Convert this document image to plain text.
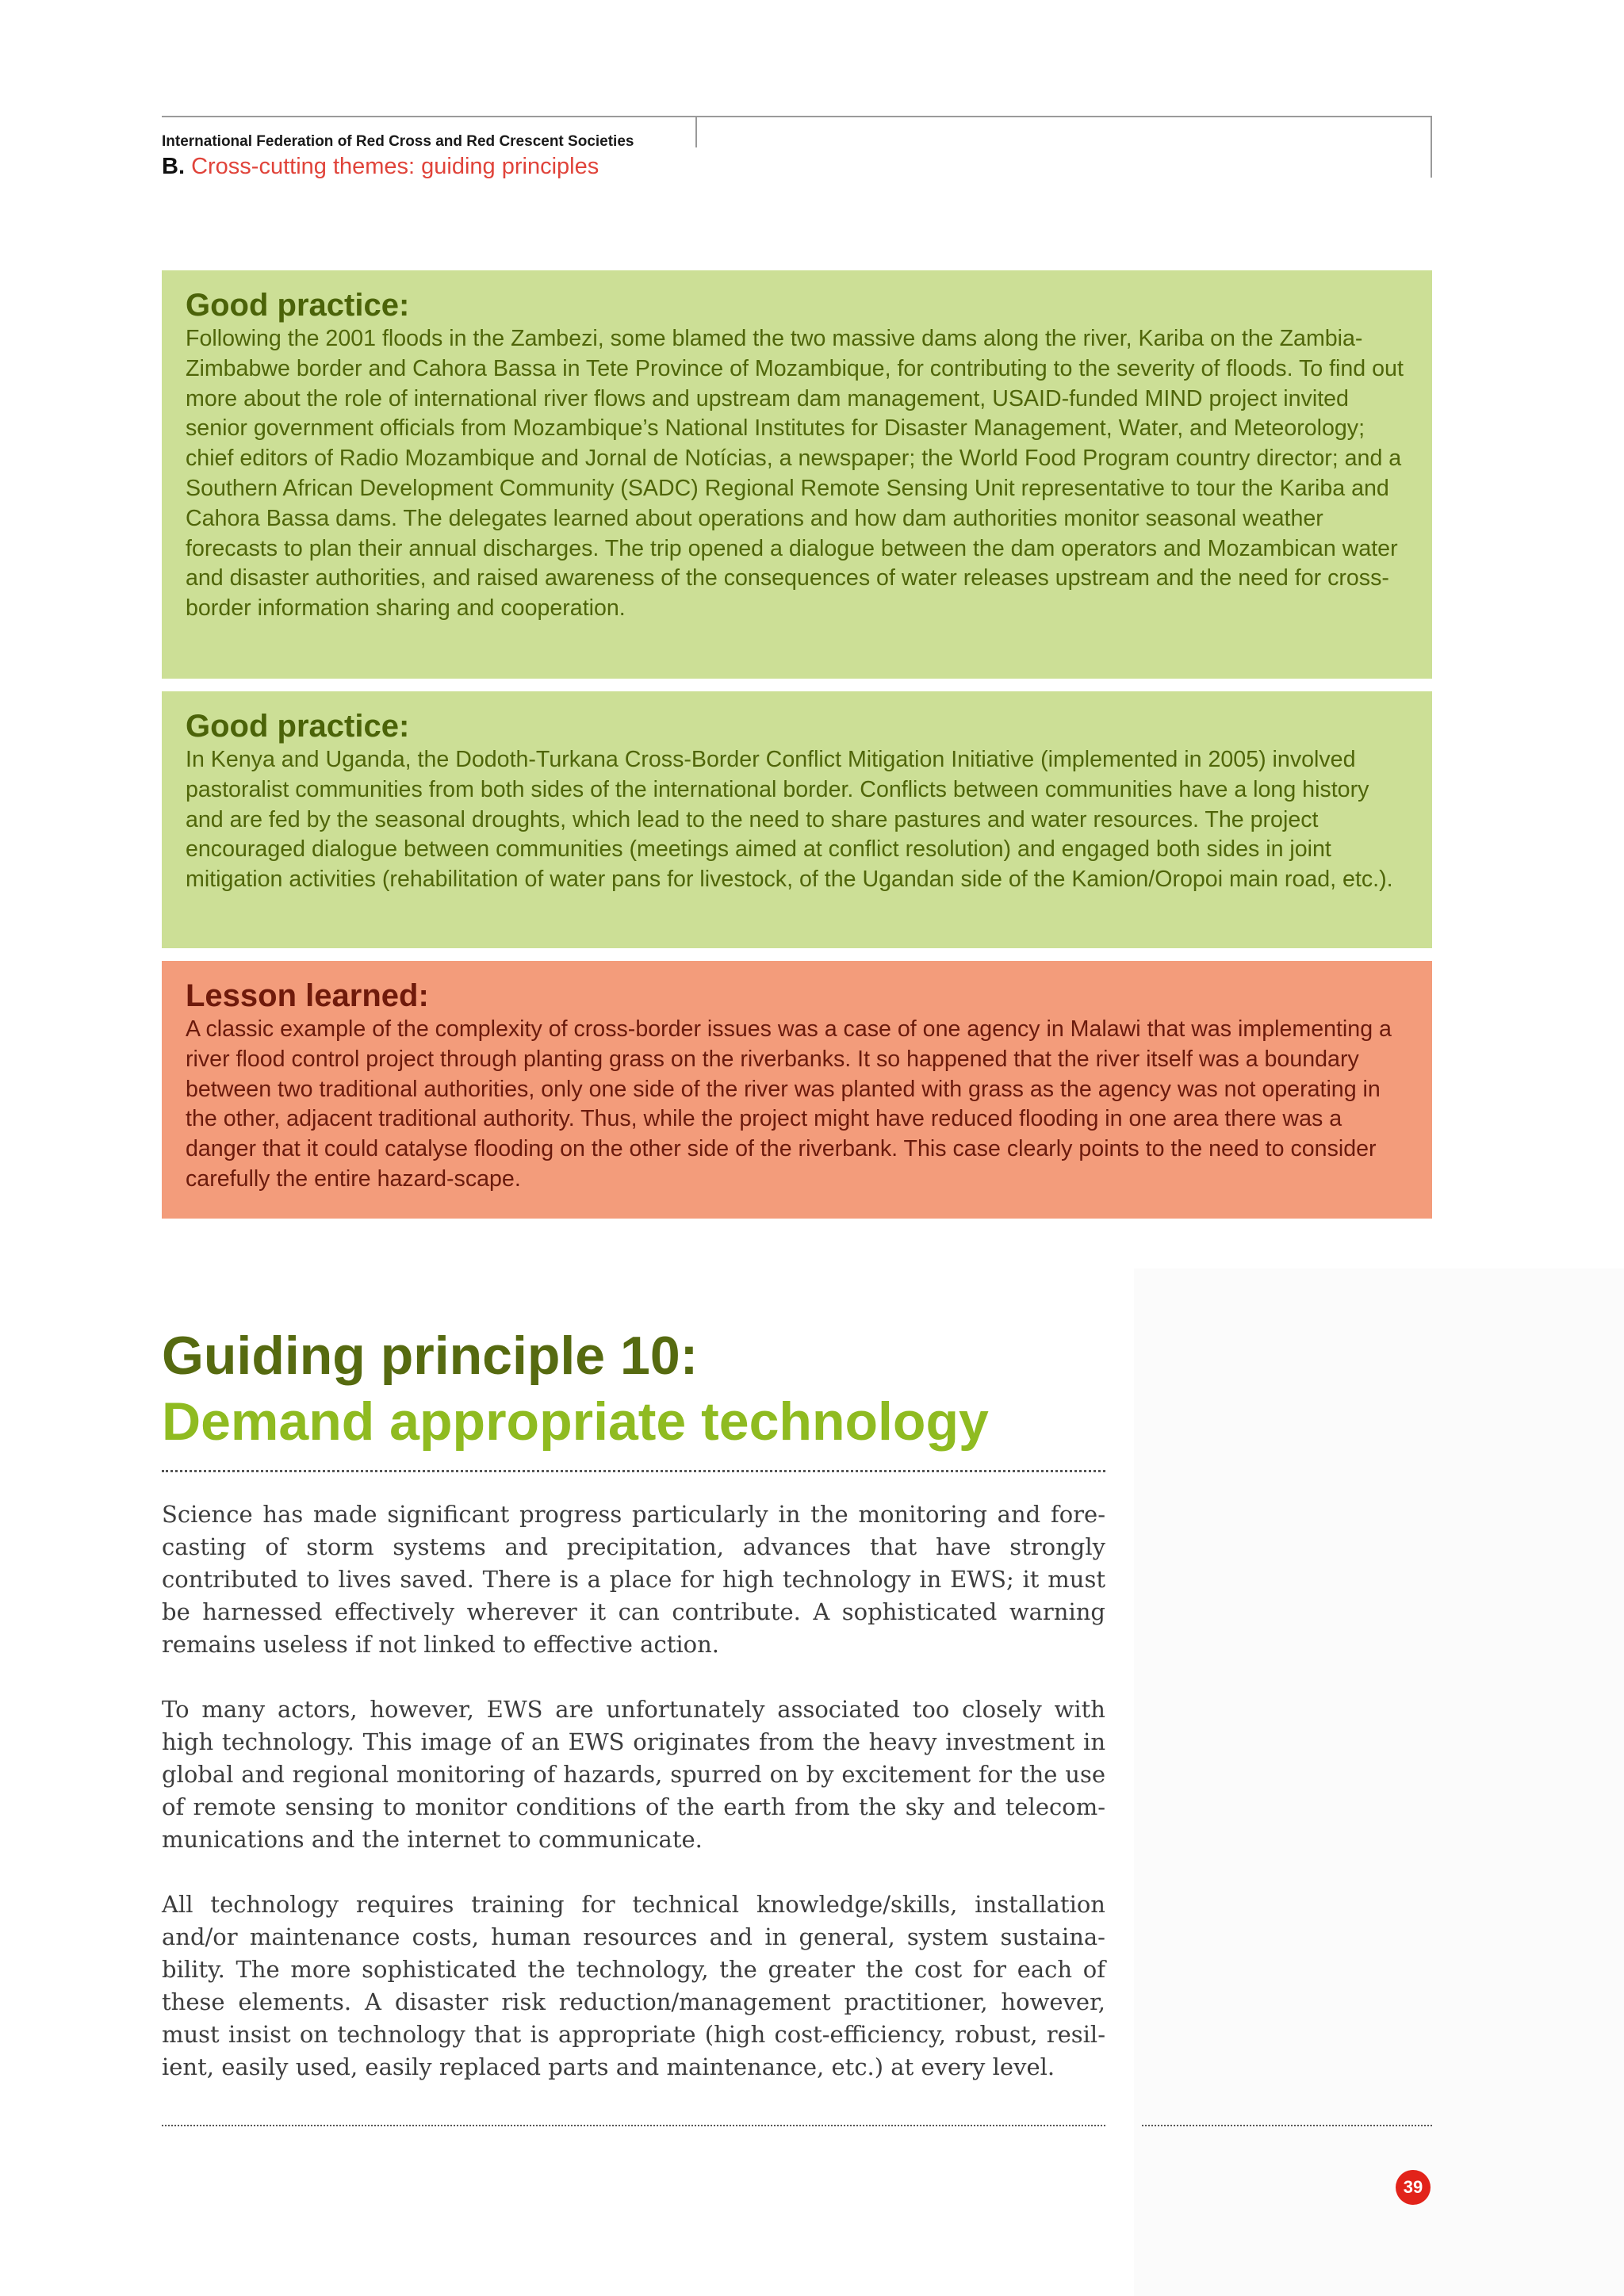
International Federation of Red Cross and Red Crescent Societies
B. Cross-cutting themes: guiding principles
Good practice:

Following the 2001 floods in the Zambezi, some blamed the two massive dams along the river, Kariba on the Zambia- Zimbabwe border and Cahora Bassa in Tete Province of Mozambique, for contributing to the severity of floods. To find out more about the role of international river flows and upstream dam management, USAID-funded MIND project invited senior government officials from Mozambique’s National Institutes for Disaster Management, Water, and Meteorology; chief editors of Radio Mozambique and Jornal de Notícias, a newspaper; the World Food Program country director; and a Southern African Development Community (SADC) Regional Remote Sensing Unit representative to tour the Kariba and Cahora Bassa dams. The delegates learned about operations and how dam authorities monitor seasonal weather forecasts to plan their annual discharges. The trip opened a dialogue between the dam operators and Mozambican water and disaster authorities, and raised awareness of the consequences of water releases upstream and the need for cross-border information sharing and cooperation.

Good practice:

In Kenya and Uganda, the Dodoth-Turkana Cross-Border Conflict Mitigation Initiative (implemented in 2005) involved pastoralist communities from both sides of the international border. Conflicts between communities have a long history and are fed by the seasonal droughts, which lead to the need to share pastures and water resources. The project encouraged dialogue between communities (meetings aimed at conflict resolution) and engaged both sides in joint mitigation activities (rehabilitation of water pans for livestock, of the Ugandan side of the Kamion/Oropoi main road, etc.).

Lesson learned:

A classic example of the complexity of cross-border issues was a case of one agency in Malawi that was implementing a river flood control project through planting grass on the riverbanks. It so happened that the river itself was a boundary between two traditional authorities, only one side of the river was planted with grass as the agency was not operating in the other, adjacent traditional authority. Thus, while the project might have reduced flooding in one area there was a danger that it could catalyse flooding on the other side of the riverbank. This case clearly points to the need to consider carefully the entire hazard-scape.

Guiding principle 10:
Demand appropriate technology

Science has made significant progress particularly in the monitoring and fore-casting of storm systems and precipitation, advances that have strongly contributed to lives saved. There is a place for high technology in EWS; it must be harnessed effectively wherever it can contribute. A sophisticated warning remains useless if not linked to effective action.

To many actors, however, EWS are unfortunately associated too closely with high technology. This image of an EWS originates from the heavy investment in global and regional monitoring of hazards, spurred on by excitement for the use of remote sensing to monitor conditions of the earth from the sky and telecom-munications and the internet to communicate.

All technology requires training for technical knowledge/skills, installation and/or maintenance costs, human resources and in general, system sustaina-bility. The more sophisticated the technology, the greater the cost for each of these elements. A disaster risk reduction/management practitioner, however, must insist on technology that is appropriate (high cost-efficiency, robust, resil-ient, easily used, easily replaced parts and maintenance, etc.) at every level.

39
